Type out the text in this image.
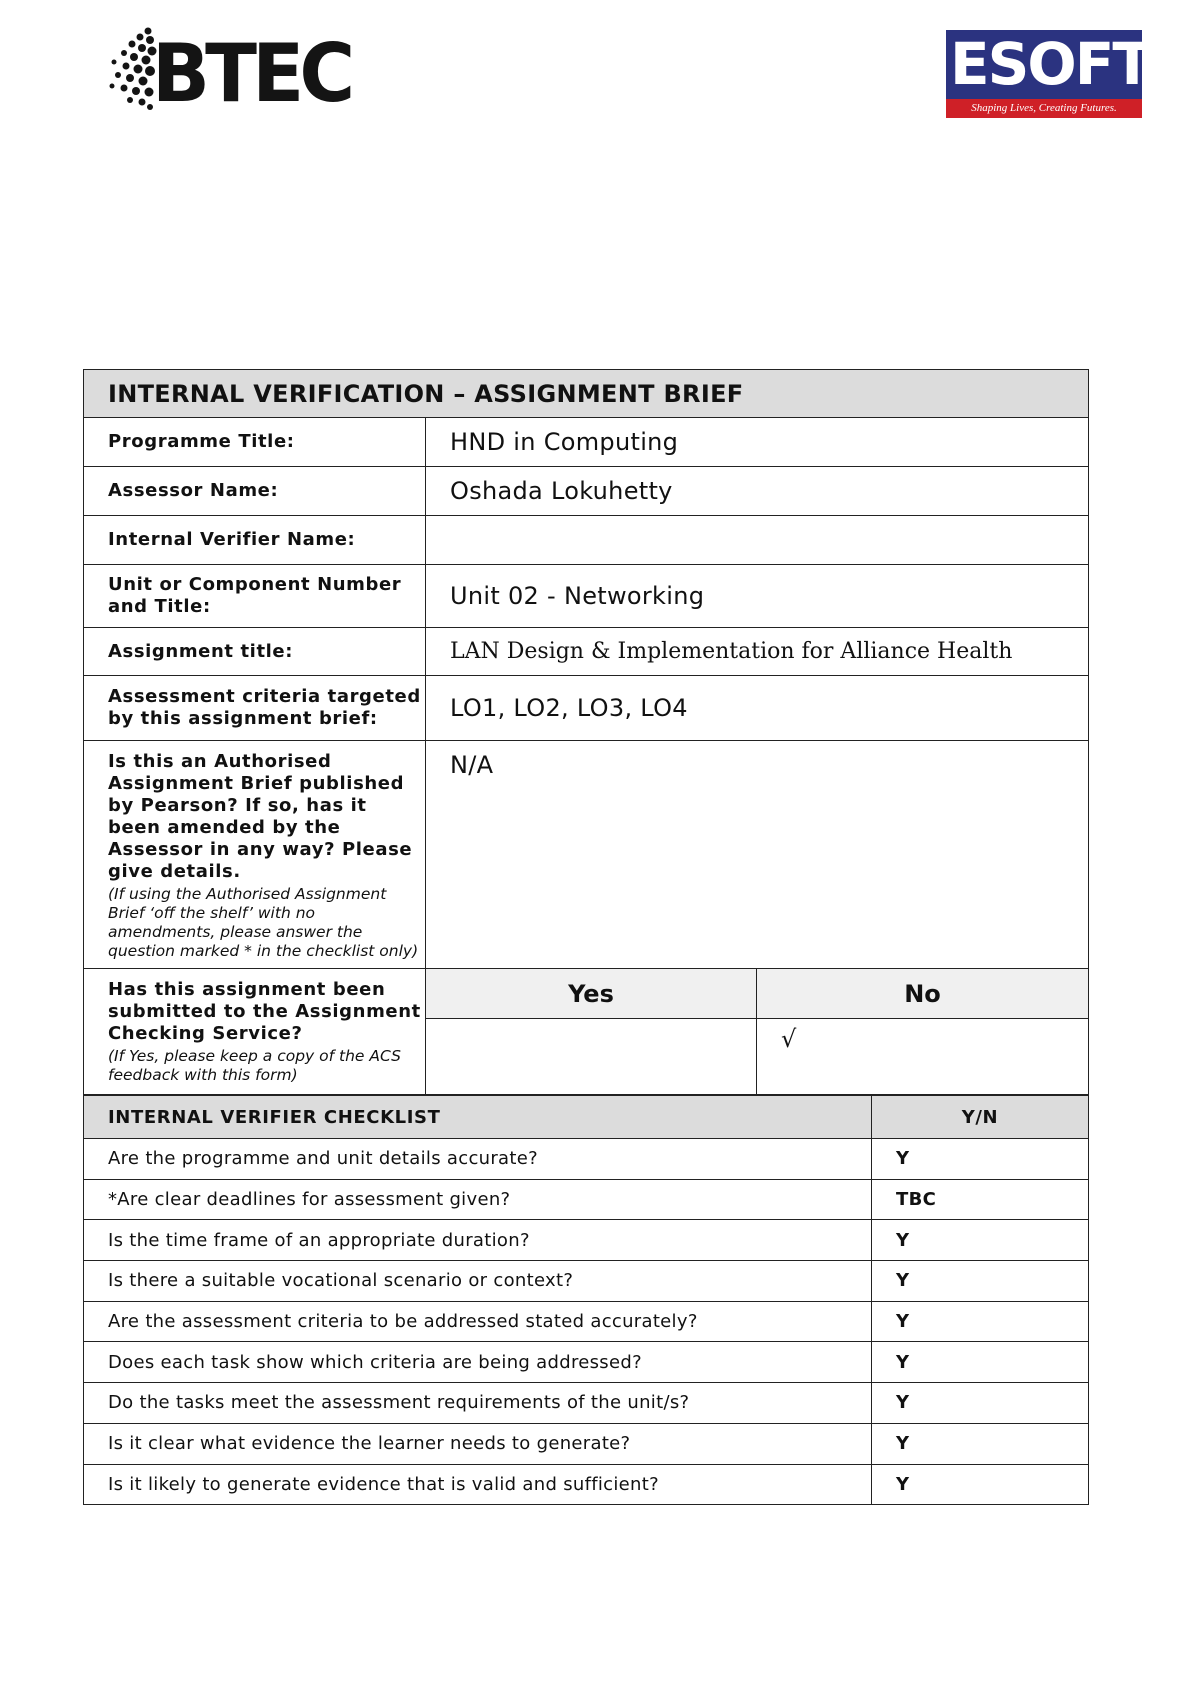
BTEC	ESOFT
Shaping Lives, Creating Futures.
INTERNAL VERIFICATION – ASSIGNMENT BRIEF		
Programme Title:	HND in Computing	
Assessor Name:	Oshada Lokuhetty	
Internal Verifier Name:		
Unit or Component Number and Title:	Unit 02 - Networking	
Assignment title:	LAN Design & Implementation for Alliance Health	
Assessment criteria targeted by this assignment brief:	LO1, LO2, LO3, LO4	
Is this an Authorised Assignment Brief published by Pearson? If so, has it been amended by the Assessor in any way? Please give details.
(If using the Authorised Assignment Brief ‘off the shelf’ with no amendments, please answer the question marked * in the checklist only)	N/A	
Has this assignment been submitted to the Assignment Checking Service?
(If Yes, please keep a copy of the ACS feedback with this form)	Yes	No
		√
INTERNAL VERIFIER CHECKLIST	Y/N
Are the programme and unit details accurate?	Y
*Are clear deadlines for assessment given?	TBC
Is the time frame of an appropriate duration?	Y
Is there a suitable vocational scenario or context?	Y
Are the assessment criteria to be addressed stated accurately?	Y
Does each task show which criteria are being addressed?	Y
Do the tasks meet the assessment requirements of the unit/s?	Y
Is it clear what evidence the learner needs to generate?	Y
Is it likely to generate evidence that is valid and sufficient?	Y
